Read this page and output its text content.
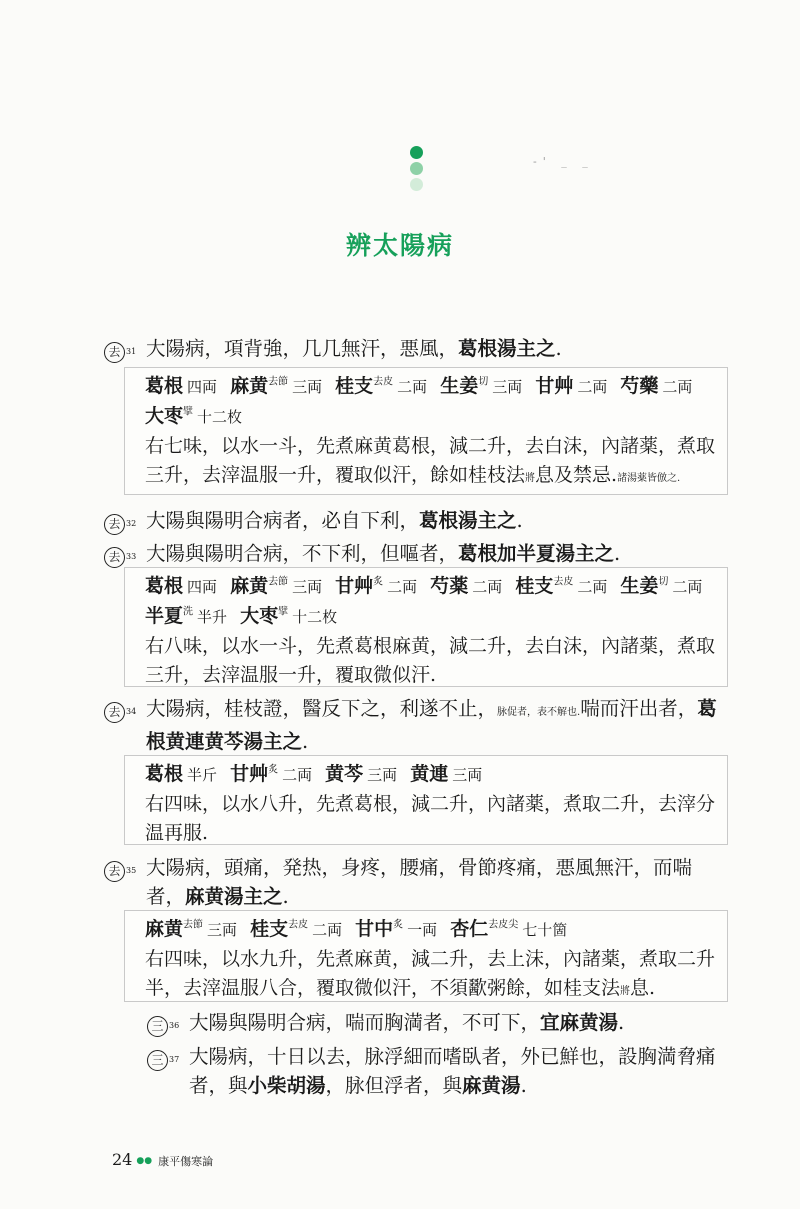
-' _ _
辨太陽病
去 $^{31}$ 大陽病，項背強，几几無汗，悪風，葛根湯主之.

葛根 四両 麻黄$^{去節}$ 三両 桂支$^{去皮}$ 二両 生姜$^切$ 三両 甘艸 二両 芍藥 二両 大枣$^擘$ 十二枚

右七味，以水一斗，先煮麻黄葛根，減二升，去白沫，內諸薬，煮取三升，去滓温服一升，覆取似汗，餘如桂枝法將息及禁忌.諸湯薬皆倣之.

去 $^{32}$ 大陽與陽明合病者，必自下利，葛根湯主之.
去 $^{33}$ 大陽與陽明合病，不下利，但嘔者，葛根加半夏湯主之.

葛根 四両 麻黄$^{去節}$ 三両 甘艸$^炙$ 二両 芍薬 二両 桂支$^{去皮}$ 二両 生姜$^切$ 二両 半夏$^洗$ 半升 大枣$^擘$ 十二枚

右八味，以水一斗，先煮葛根麻黄，減二升，去白沫，內諸薬，煮取三升，去滓温服一升，覆取微似汗.

去 $^{34}$ 大陽病，桂枝證，醫反下之，利遂不止，脉促者，表不解也.喘而汗出者，葛根黄連黄芩湯主之.

葛根 半斤 甘艸$^炙$ 二両 黄芩 三両 黄連 三両

右四味，以水八升，先煮葛根，減二升，內諸薬，煮取二升，去滓分温再服.

去 $^{35}$ 大陽病，頭痛，発热，身疼，腰痛，骨節疼痛，悪風無汗，而喘者，麻黄湯主之.

麻黄$^{去節}$ 三両 桂支$^{去皮}$ 二両 甘中$^炙$ 一両 杏仁$^{去皮尖}$ 七十箇

右四味，以水九升，先煮麻黄，減二升，去上沫，內諸薬，煮取二升半，去滓温服八合，覆取微似汗，不須歠粥餘，如桂支法將息.

三 $^{36}$ 大陽與陽明合病，喘而胸満者，不可下，宜麻黄湯.
三 $^{37}$ 大陽病，十日以去，脉浮細而嗜臥者，外已鮮也，設胸満脅痛者，與小柴胡湯，脉但浮者，與麻黄湯.
24 ●● 康平傷寒論
